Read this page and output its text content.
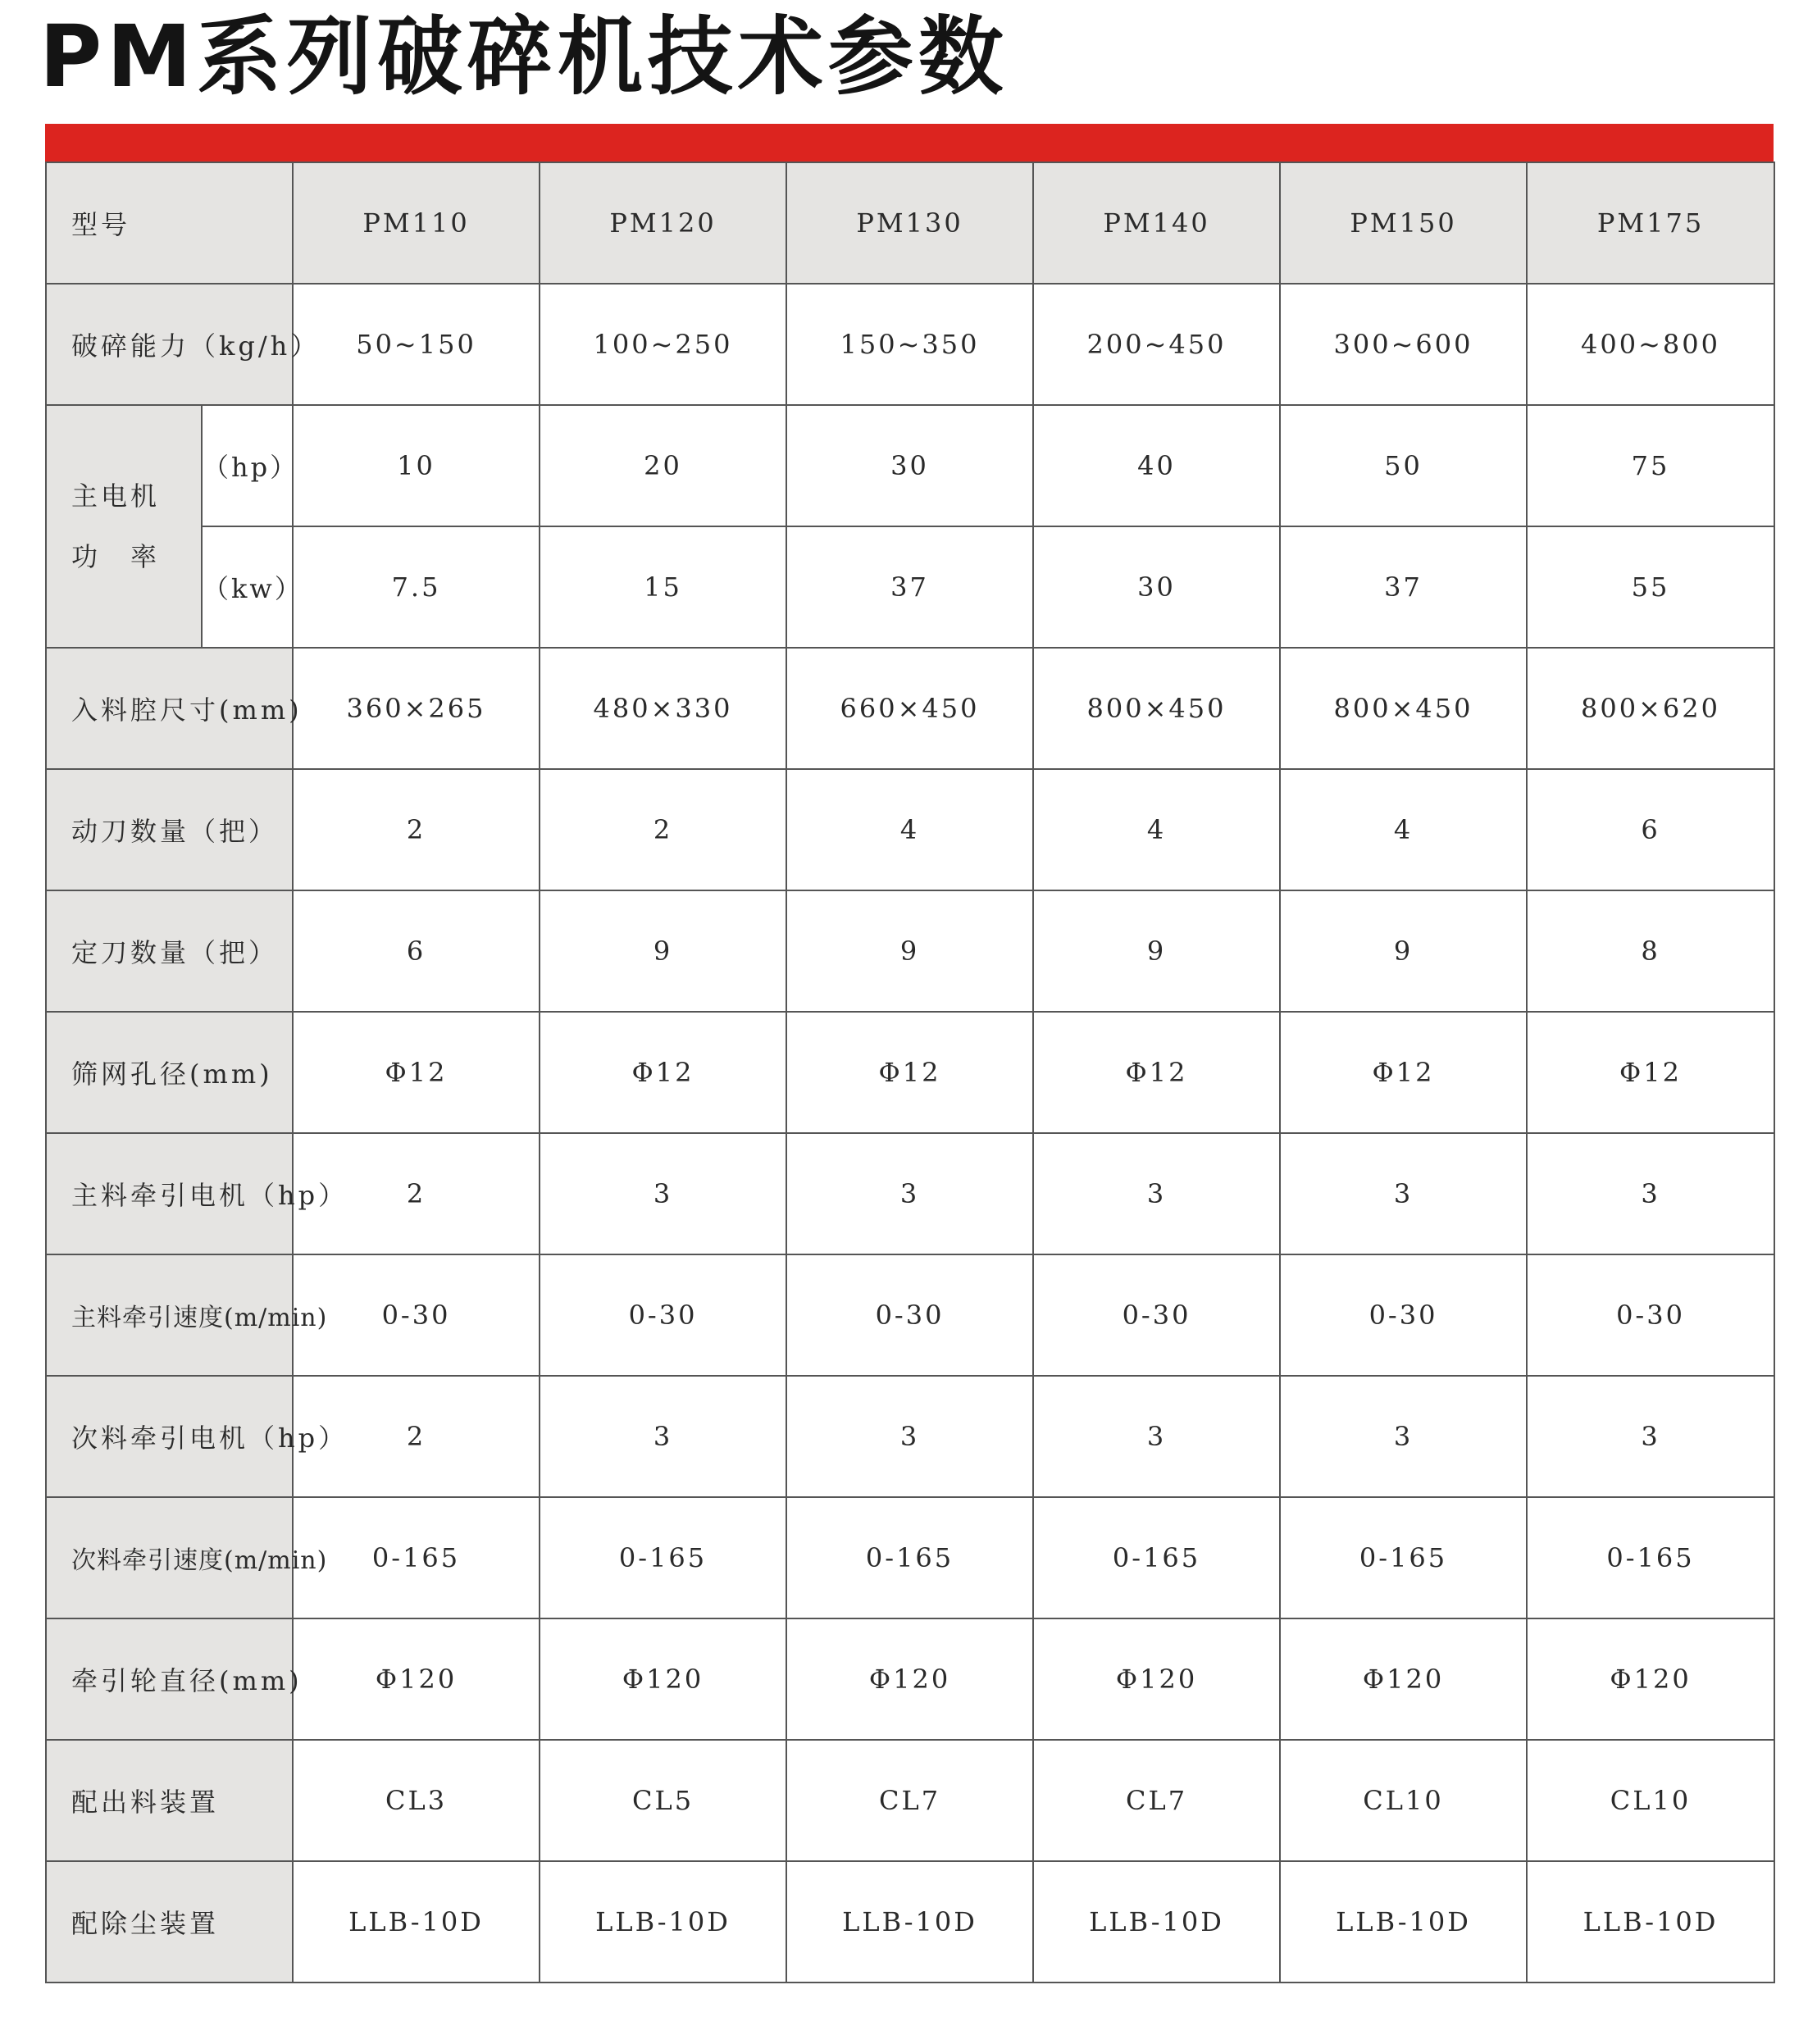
PM系列破碎机技术参数
型号		PM110	PM120	PM130	PM140	PM150	PM175
破碎能力（kg/h）		50~150	100~250	150~350	200~450	300~600	400~800

主电机
功　率	（hp）	10	20	30	40	50	75
	（kw）	7.5	15	37	30	37	55
入料腔尺寸(mm)		360×265	480×330	660×450	800×450	800×450	800×620
动刀数量（把）		2	2	4	4	4	6
定刀数量（把）		6	9	9	9	9	8
筛网孔径(mm)		Φ12	Φ12	Φ12	Φ12	Φ12	Φ12
主料牵引电机（hp）		2	3	3	3	3	3
主料牵引速度(m/min)		0-30	0-30	0-30	0-30	0-30	0-30
次料牵引电机（hp）		2	3	3	3	3	3
次料牵引速度(m/min)		0-165	0-165	0-165	0-165	0-165	0-165
牵引轮直径(mm)		Φ120	Φ120	Φ120	Φ120	Φ120	Φ120
配出料装置		CL3	CL5	CL7	CL7	CL10	CL10
配除尘装置		LLB-10D	LLB-10D	LLB-10D	LLB-10D	LLB-10D	LLB-10D
